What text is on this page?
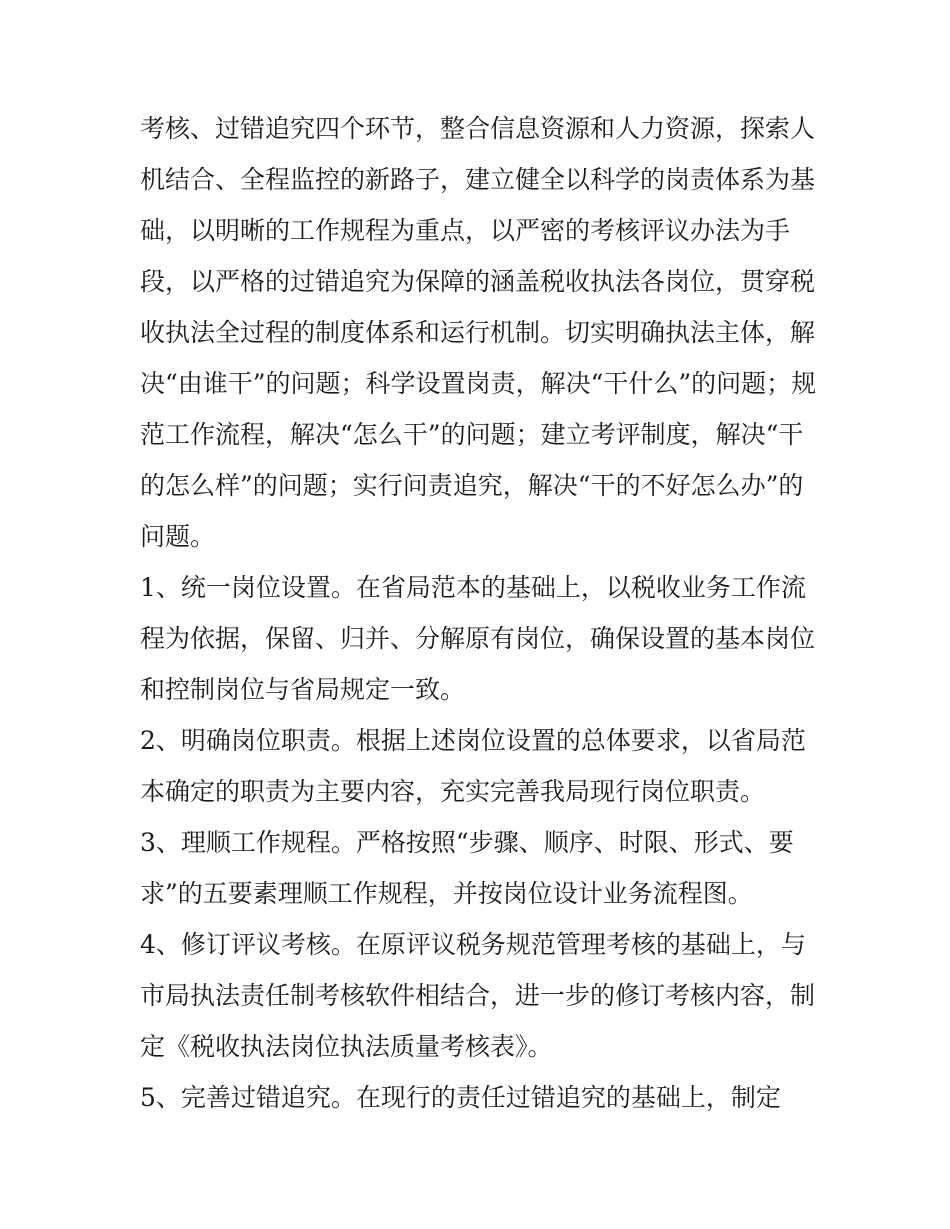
考核、过错追究四个环节，整合信息资源和人力资源，探索人
机结合、全程监控的新路子，建立健全以科学的岗责体系为基
础，以明晰的工作规程为重点，以严密的考核评议办法为手
段，以严格的过错追究为保障的涵盖税收执法各岗位，贯穿税
收执法全过程的制度体系和运行机制。切实明确执法主体，解
决“由谁干”的问题；科学设置岗责，解决“干什么”的问题；规
范工作流程，解决“怎么干”的问题；建立考评制度，解决“干
的怎么样”的问题；实行问责追究，解决“干的不好怎么办”的
问题。
1、统一岗位设置。在省局范本的基础上，以税收业务工作流
程为依据，保留、归并、分解原有岗位，确保设置的基本岗位
和控制岗位与省局规定一致。
2、明确岗位职责。根据上述岗位设置的总体要求，以省局范
本确定的职责为主要内容，充实完善我局现行岗位职责。
3、理顺工作规程。严格按照“步骤、顺序、时限、形式、要
求”的五要素理顺工作规程，并按岗位设计业务流程图。
4、修订评议考核。在原评议税务规范管理考核的基础上，与
市局执法责任制考核软件相结合，进一步的修订考核内容，制
定《税收执法岗位执法质量考核表》。
5、完善过错追究。在现行的责任过错追究的基础上，制定
